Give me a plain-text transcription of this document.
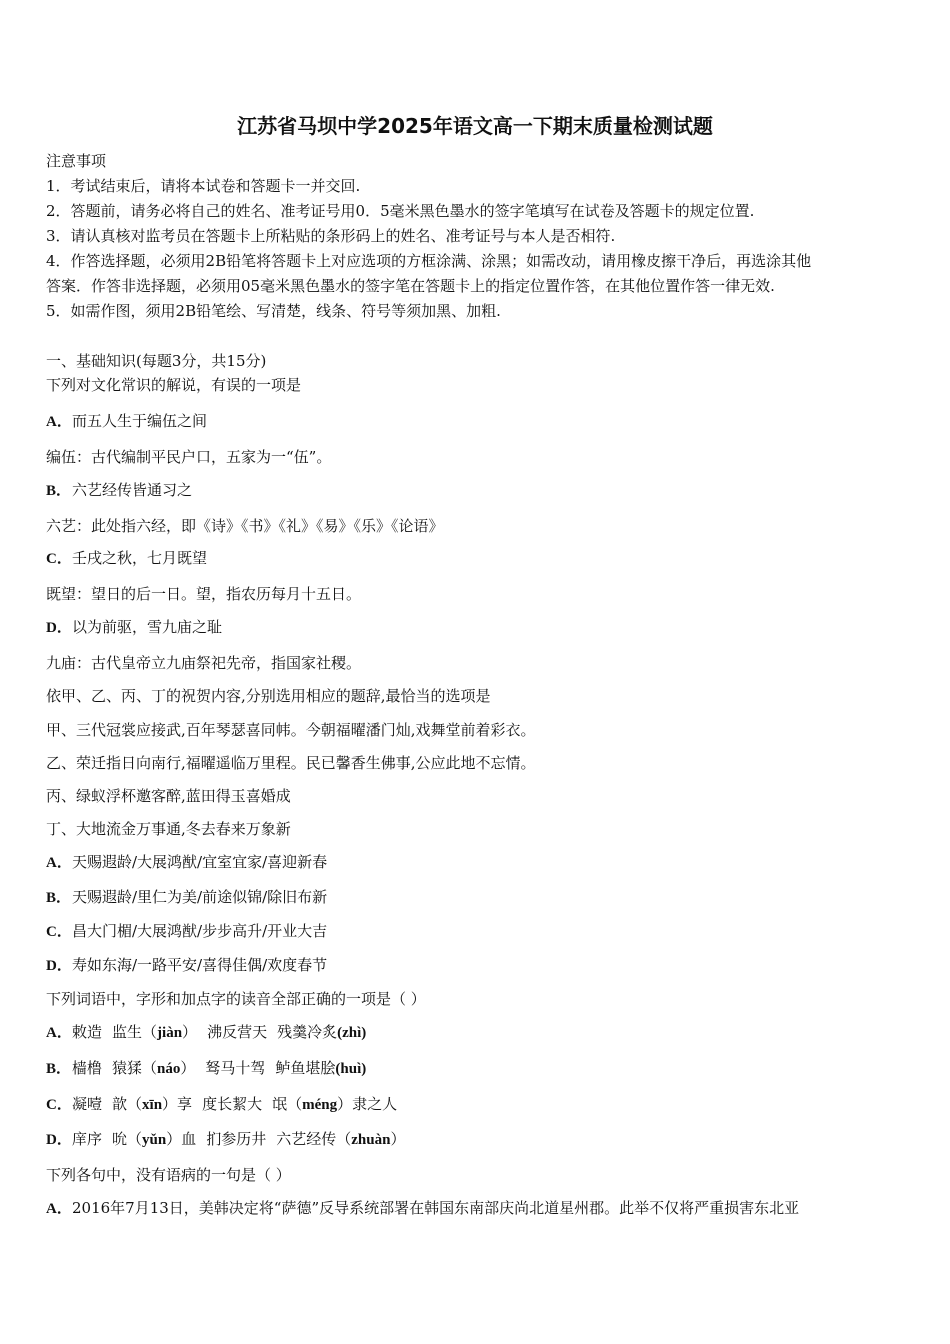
江苏省马坝中学2025年语文高一下期末质量检测试题
注意事项
1．考试结束后，请将本试卷和答题卡一并交回.
2．答题前，请务必将自己的姓名、准考证号用0．5毫米黑色墨水的签字笔填写在试卷及答题卡的规定位置.
3．请认真核对监考员在答题卡上所粘贴的条形码上的姓名、准考证号与本人是否相符.
4．作答选择题，必须用2B铅笔将答题卡上对应选项的方框涂满、涂黑；如需改动，请用橡皮擦干净后，再选涂其他
答案．作答非选择题，必须用05毫米黑色墨水的签字笔在答题卡上的指定位置作答，在其他位置作答一律无效.
5．如需作图，须用2B铅笔绘、写清楚，线条、符号等须加黑、加粗.
一、基础知识(每题3分，共15分)
下列对文化常识的解说，有误的一项是
A．而五人生于编伍之间
编伍：古代编制平民户口，五家为一“伍”。
B．六艺经传皆通习之
六艺：此处指六经，即《诗》《书》《礼》《易》《乐》《论语》
C．壬戌之秋，七月既望
既望：望日的后一日。望，指农历每月十五日。
D．以为前驱，雪九庙之耻
九庙：古代皇帝立九庙祭祀先帝，指国家社稷。
依甲、乙、丙、丁的祝贺内容,分别选用相应的题辞,最恰当的选项是
甲、三代冠裳应接武,百年琴瑟喜同帏。今朝福曜潘门灿,戏舞堂前着彩衣。
乙、荣迁指日向南行,福曜遥临万里程。民已馨香生佛事,公应此地不忘情。
丙、绿蚁浮杯邀客醉,蓝田得玉喜婚成
丁、大地流金万事通,冬去春来万象新
A．天赐遐龄/大展鸿猷/宜室宜家/喜迎新春
B．天赐遐龄/里仁为美/前途似锦/除旧布新
C．昌大门楣/大展鸿猷/步步高升/开业大吉
D．寿如东海/一路平安/喜得佳偶/欢度春节
下列词语中，字形和加点字的读音全部正确的一项是（ ）
A．敕造 监生（jiàn） 沸反营天 残羹冷炙(zhì)
B．樯橹 猿猱（náo） 驽马十驾 鲈鱼堪脍(huì)
C．凝噎 歆（xīn）享 度长絜大 氓（méng）隶之人
D．庠序 吮（yǔn）血 扪参历井 六艺经传（zhuàn）
下列各句中，没有语病的一句是（ ）
A．2016年7月13日，美韩决定将“萨德”反导系统部署在韩国东南部庆尚北道星州郡。此举不仅将严重损害东北亚
